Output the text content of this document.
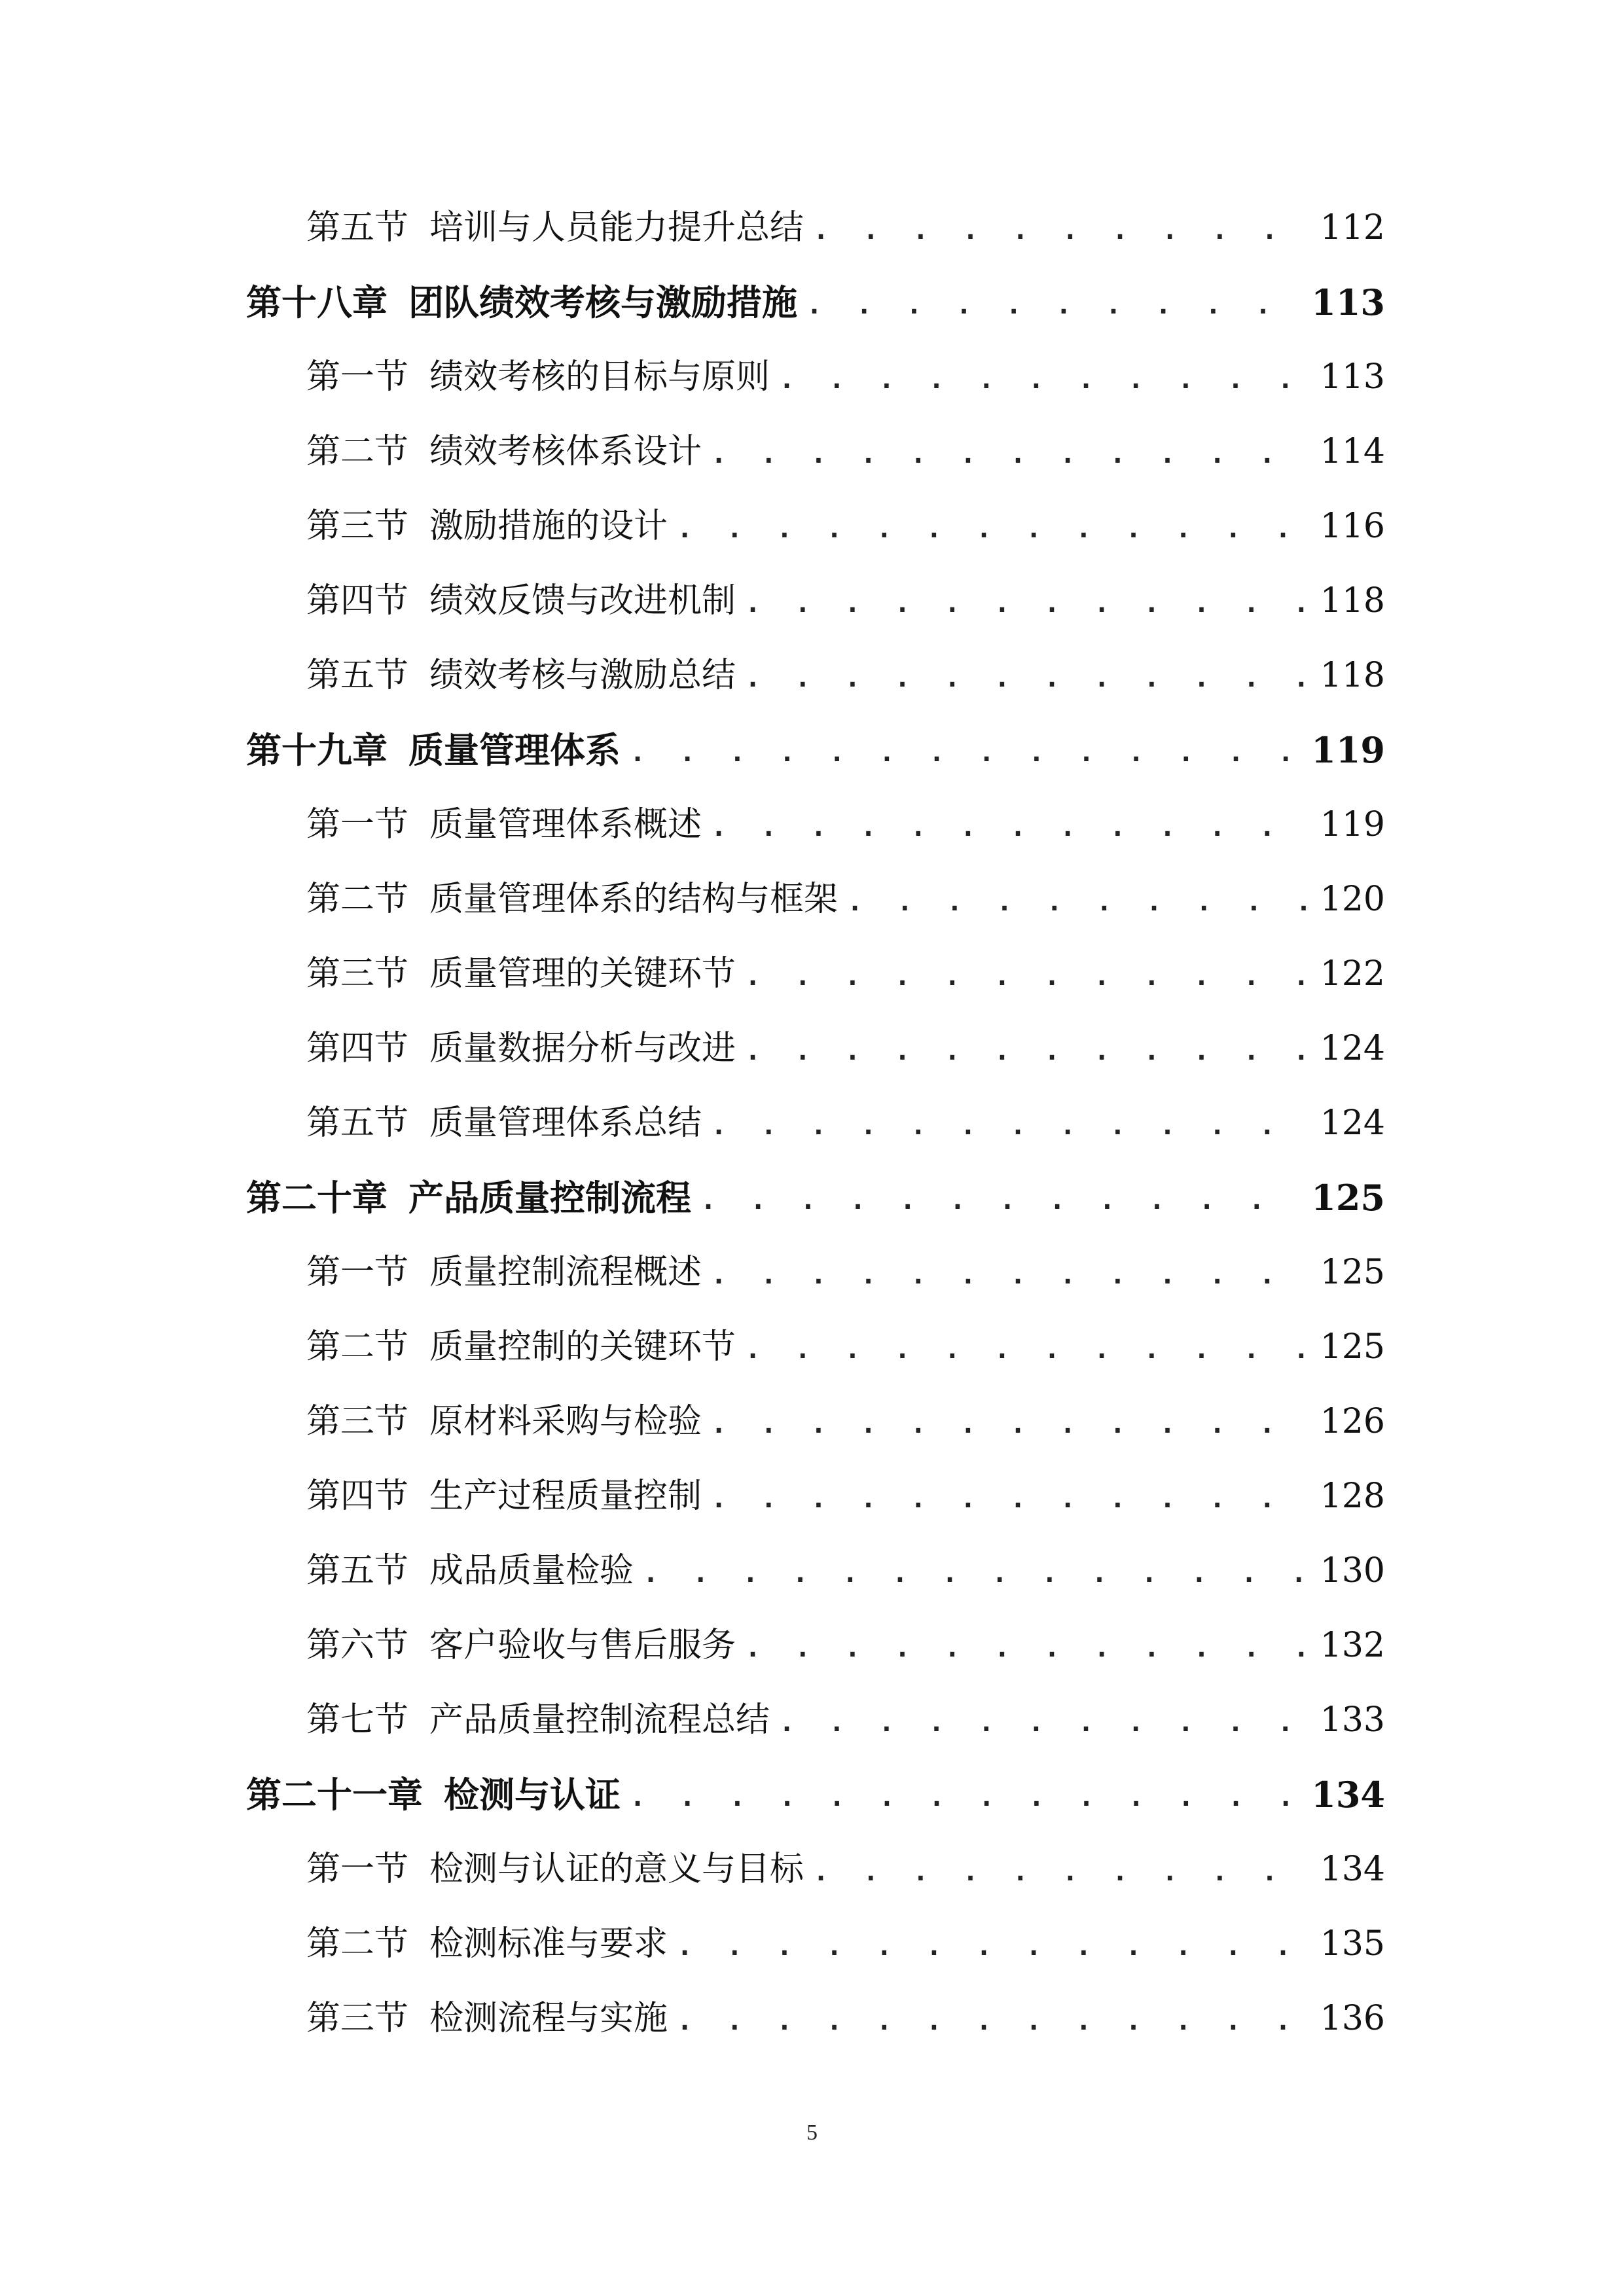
第五节 培训与人员能力提升总结 . . .	112
第十八章 团队绩效考核与激励措施 . . .	113
第一节 绩效考核的目标与原则 . . .	113
第二节 绩效考核体系设计 . . .	114
第三节 激励措施的设计 . . .	116
第四节 绩效反馈与改进机制 . . .	118
第五节 绩效考核与激励总结 . . .	118
第十九章 质量管理体系 . . .	119
第一节 质量管理体系概述 . . .	119
第二节 质量管理体系的结构与框架 . . .	120
第三节 质量管理的关键环节 . . .	122
第四节 质量数据分析与改进 . . .	124
第五节 质量管理体系总结 . . .	124
第二十章 产品质量控制流程 . . .	125
第一节 质量控制流程概述 . . .	125
第二节 质量控制的关键环节 . . .	125
第三节 原材料采购与检验 . . .	126
第四节 生产过程质量控制 . . .	128
第五节 成品质量检验 . . .	130
第六节 客户验收与售后服务 . . .	132
第七节 产品质量控制流程总结 . . .	133
第二十一章 检测与认证 . . .	134
第一节 检测与认证的意义与目标 . . .	134
第二节 检测标准与要求 . . .	135
第三节 检测流程与实施 . . .	136
5
